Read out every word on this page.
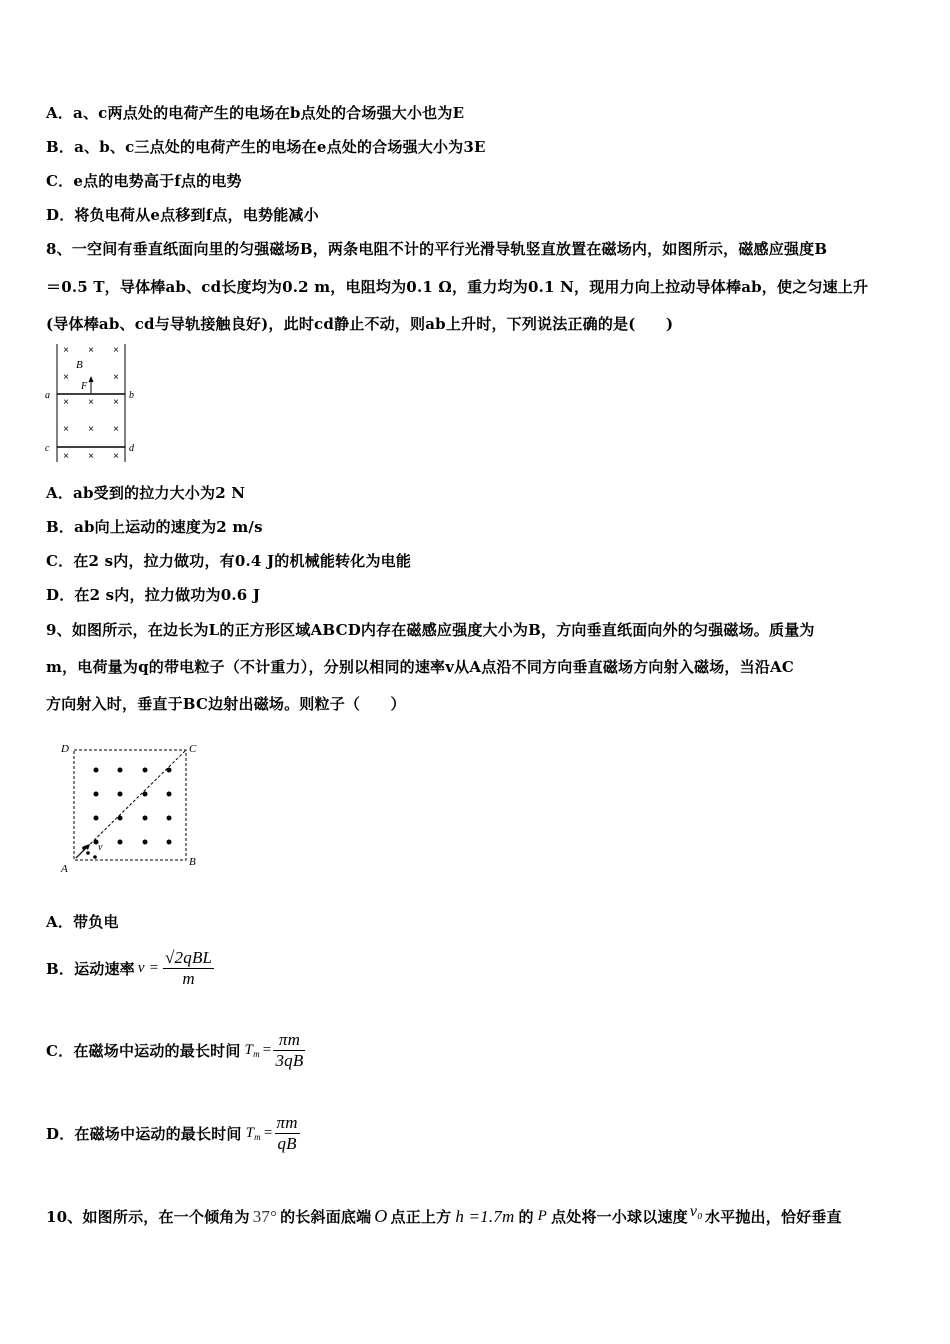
A．a、c两点处的电荷产生的电场在b点处的合场强大小也为E
B．a、b、c三点处的电荷产生的电场在e点处的合场强大小为3E
C．e点的电势高于f点的电势
D．将负电荷从e点移到f点，电势能减小
8、一空间有垂直纸面向里的匀强磁场B，两条电阻不计的平行光滑导轨竖直放置在磁场内，如图所示，磁感应强度B
＝0.5 T，导体棒ab、cd长度均为0.2 m，电阻均为0.1 Ω，重力均为0.1 N，现用力向上拉动导体棒ab，使之匀速上升
(导体棒ab、cd与导轨接触良好)，此时cd静止不动，则ab上升时，下列说法正确的是(　　)
× × ×
×	×
× × ×
× × ×
× × ×
B
F
a	b
c	d
A．ab受到的拉力大小为2 N
B．ab向上运动的速度为2 m/s
C．在2 s内，拉力做功，有0.4 J的机械能转化为电能
D．在2 s内，拉力做功为0.6 J
9、如图所示，在边长为L的正方形区域ABCD内存在磁感应强度大小为B，方向垂直纸面向外的匀强磁场。质量为
m，电荷量为q的带电粒子（不计重力），分别以相同的速率v从A点沿不同方向垂直磁场方向射入磁场，当沿AC
方向射入时，垂直于BC边射出磁场。则粒子（　　）
D	C
A
B
v
A．带负电
B．运动速率 $v = \frac{\text{√2qBL}}{m}$
C．在磁场中运动的最长时间 $T_m = \frac{\pi m}{3qB}$
D．在磁场中运动的最长时间 $T_m = \frac{\pi m}{qB}$
10、如图所示，在一个倾角为 37° 的长斜面底端 O 点正上方 h =1.7m 的 P 点处将一小球以速度 v₀ 水平抛出，恰好垂直
